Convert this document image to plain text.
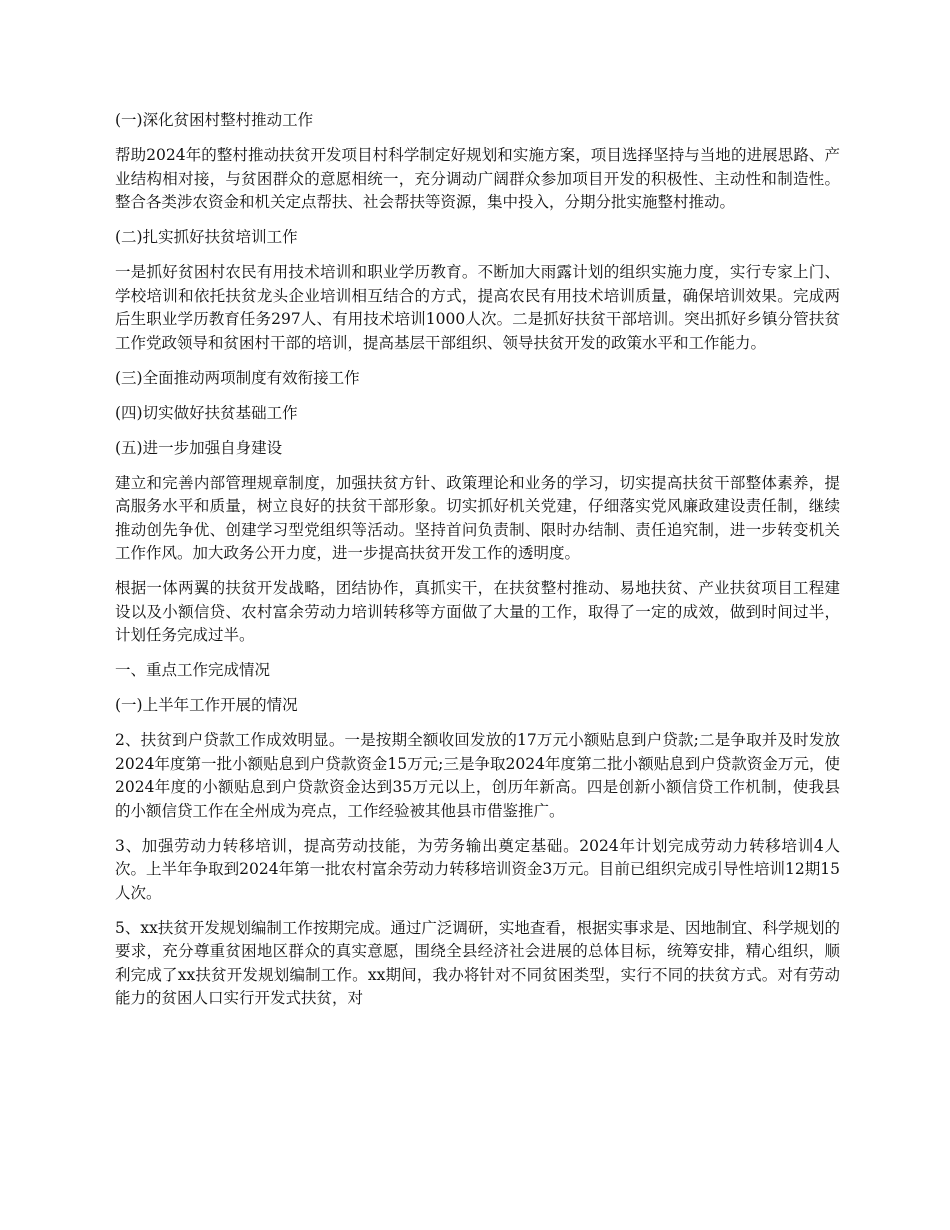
(一)深化贫困村整村推动工作

帮助2024年的整村推动扶贫开发项目村科学制定好规划和实施方案，项目选择坚持与当地的进展思路、产业结构相对接，与贫困群众的意愿相统一，充分调动广阔群众参加项目开发的积极性、主动性和制造性。整合各类涉农资金和机关定点帮扶、社会帮扶等资源，集中投入，分期分批实施整村推动。

(二)扎实抓好扶贫培训工作

一是抓好贫困村农民有用技术培训和职业学历教育。不断加大雨露计划的组织实施力度，实行专家上门、学校培训和依托扶贫龙头企业培训相互结合的方式，提高农民有用技术培训质量，确保培训效果。完成两后生职业学历教育任务297人、有用技术培训1000人次。二是抓好扶贫干部培训。突出抓好乡镇分管扶贫工作党政领导和贫困村干部的培训，提高基层干部组织、领导扶贫开发的政策水平和工作能力。

(三)全面推动两项制度有效衔接工作

(四)切实做好扶贫基础工作

(五)进一步加强自身建设

建立和完善内部管理规章制度，加强扶贫方针、政策理论和业务的学习，切实提高扶贫干部整体素养，提高服务水平和质量，树立良好的扶贫干部形象。切实抓好机关党建，仔细落实党风廉政建设责任制，继续推动创先争优、创建学习型党组织等活动。坚持首问负责制、限时办结制、责任追究制，进一步转变机关工作作风。加大政务公开力度，进一步提高扶贫开发工作的透明度。

根据一体两翼的扶贫开发战略，团结协作，真抓实干，在扶贫整村推动、易地扶贫、产业扶贫项目工程建设以及小额信贷、农村富余劳动力培训转移等方面做了大量的工作，取得了一定的成效，做到时间过半，计划任务完成过半。

一、重点工作完成情况

(一)上半年工作开展的情况

2、扶贫到户贷款工作成效明显。一是按期全额收回发放的17万元小额贴息到户贷款;二是争取并及时发放2024年度第一批小额贴息到户贷款资金15万元;三是争取2024年度第二批小额贴息到户贷款资金万元，使2024年度的小额贴息到户贷款资金达到35万元以上，创历年新高。四是创新小额信贷工作机制，使我县的小额信贷工作在全州成为亮点，工作经验被其他县市借鉴推广。

3、加强劳动力转移培训，提高劳动技能，为劳务输出奠定基础。2024年计划完成劳动力转移培训4人次。上半年争取到2024年第一批农村富余劳动力转移培训资金3万元。目前已组织完成引导性培训12期15人次。

5、xx扶贫开发规划编制工作按期完成。通过广泛调研，实地查看，根据实事求是、因地制宜、科学规划的要求，充分尊重贫困地区群众的真实意愿，围绕全县经济社会进展的总体目标，统筹安排，精心组织，顺利完成了xx扶贫开发规划编制工作。xx期间，我办将针对不同贫困类型，实行不同的扶贫方式。对有劳动能力的贫困人口实行开发式扶贫，对
